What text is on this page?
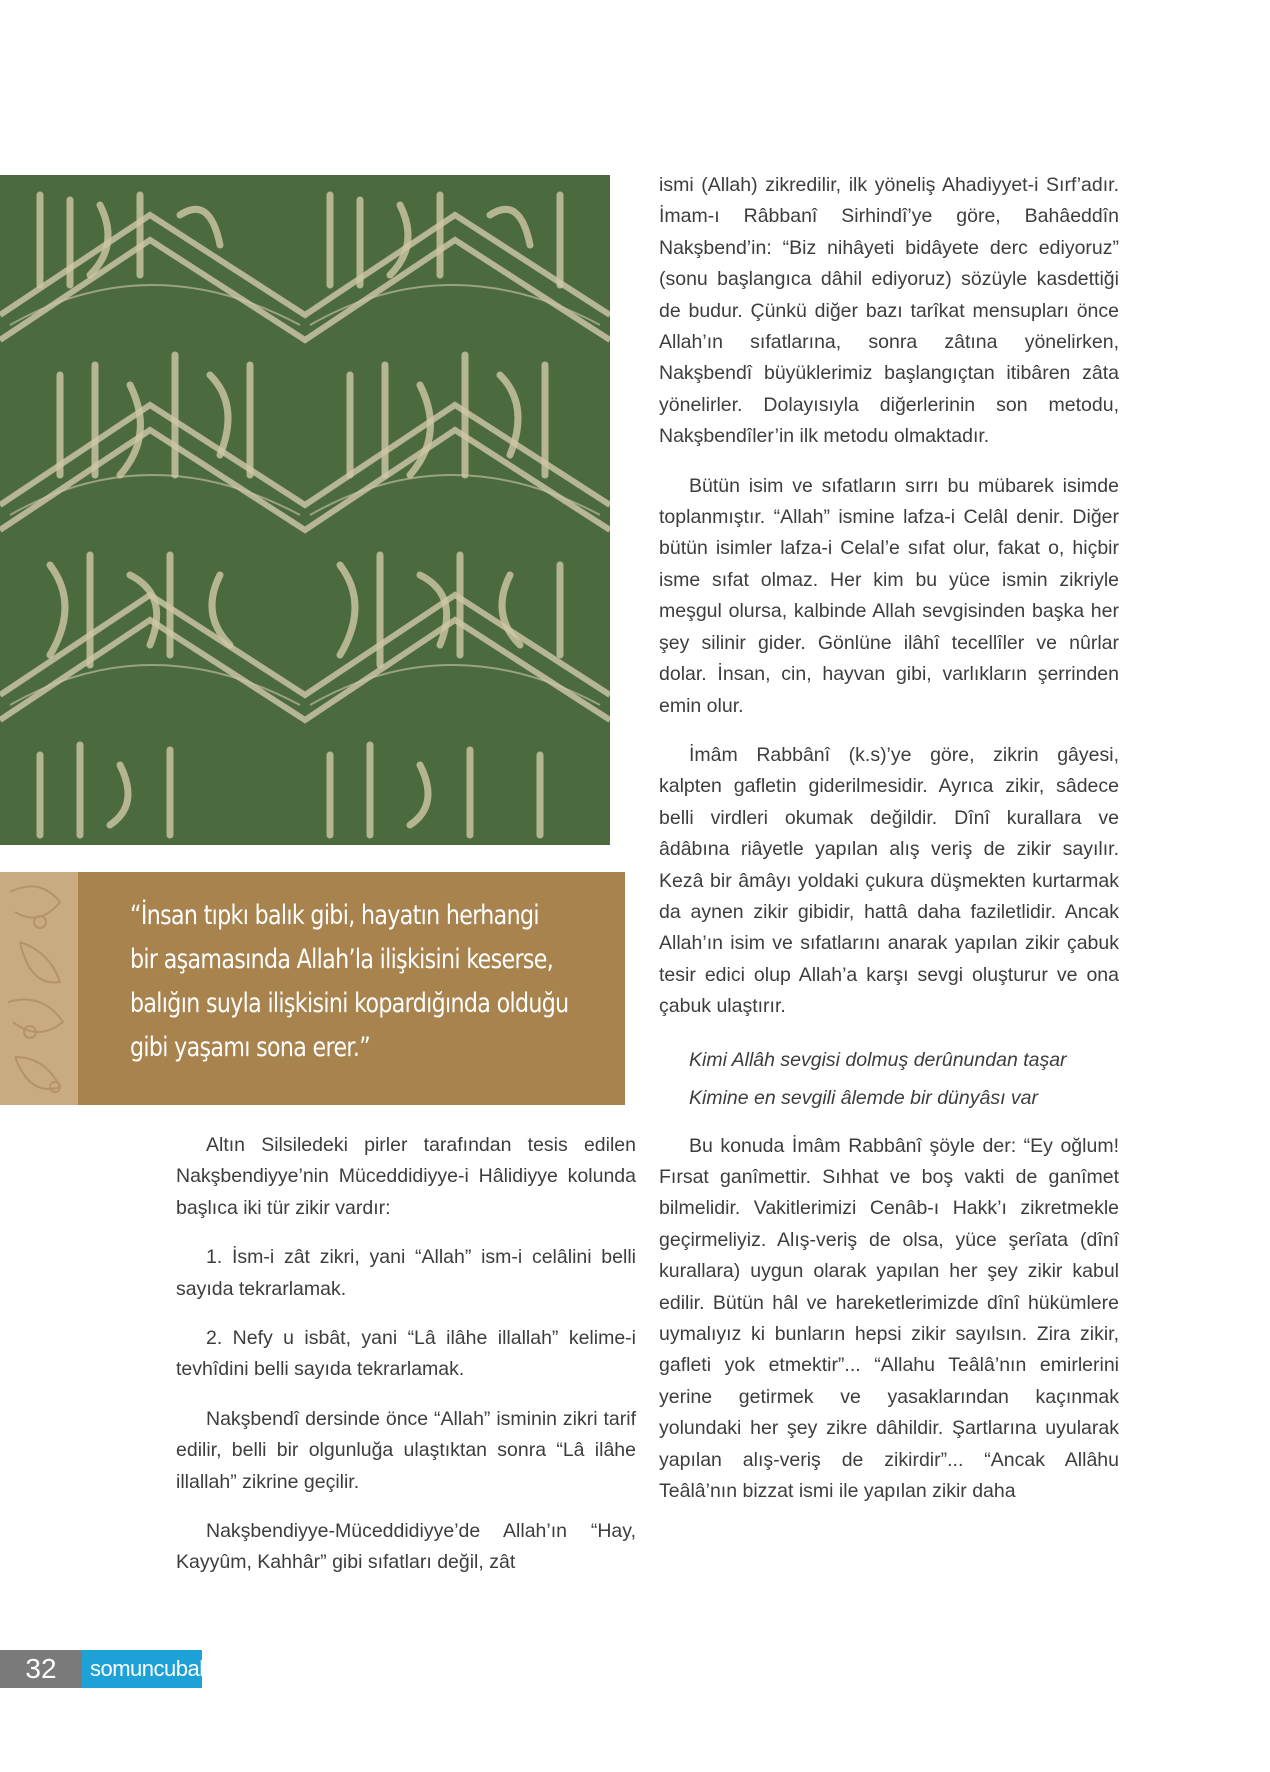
“İnsan tıpkı balık gibi, hayatın herhangi
bir aşamasında Allah’la ilişkisini keserse,
balığın suyla ilişkisini kopardığında olduğu
gibi yaşamı sona erer.”

Altın Silsiledeki pirler tarafından tesis edilen Nakşbendiyye’nin Müceddidiyye-i Hâlidiyye kolunda başlıca iki tür zikir vardır:

1. İsm-i zât zikri, yani “Allah” ism-i celâlini belli sayıda tekrarlamak.

2. Nefy u isbât, yani “Lâ ilâhe illallah” kelime-i tevhîdini belli sayıda tekrarlamak.

Nakşbendî dersinde önce “Allah” isminin zikri tarif edilir, belli bir olgunluğa ulaştıktan sonra “Lâ ilâhe illallah” zikrine geçilir.

Nakşbendiyye-Müceddidiyye’de Allah’ın “Hay, Kayyûm, Kahhâr” gibi sıfatları değil, zât

ismi (Allah) zikredilir, ilk yöneliş Ahadiyyet-i Sırf’adır. İmam-ı Râbbanî Sirhindî’ye göre, Bahâeddîn Nakşbend’in: “Biz nihâyeti bidâyete derc ediyoruz” (sonu başlangıca dâhil ediyoruz) sözüyle kasdettiği de budur. Çünkü diğer bazı tarîkat mensupları önce Allah’ın sıfatlarına, sonra zâtına yönelirken, Nakşbendî büyüklerimiz başlangıçtan itibâren zâta yönelirler. Dolayısıyla diğerlerinin son metodu, Nakşbendîler’in ilk metodu olmaktadır.

Bütün isim ve sıfatların sırrı bu mübarek isimde toplanmıştır. “Allah” ismine lafza-i Celâl denir. Diğer bütün isimler lafza-i Celal’e sıfat olur, fakat o, hiçbir isme sıfat olmaz. Her kim bu yüce ismin zikriyle meşgul olursa, kalbinde Allah sevgisinden başka her şey silinir gider. Gönlüne ilâhî tecellîler ve nûrlar dolar. İnsan, cin, hayvan gibi, varlıkların şerrinden emin olur.

İmâm Rabbânî (k.s)’ye göre, zikrin gâyesi, kalpten gafletin giderilmesidir. Ayrıca zikir, sâdece belli virdleri okumak değildir. Dînî kurallara ve âdâbına riâyetle yapılan alış veriş de zikir sayılır. Kezâ bir âmâyı yoldaki çukura düşmekten kurtarmak da aynen zikir gibidir, hattâ daha faziletlidir. Ancak Allah’ın isim ve sıfatlarını anarak yapılan zikir çabuk tesir edici olup Allah’a karşı sevgi oluşturur ve ona çabuk ulaştırır.

Kimi Allâh sevgisi dolmuş derûnundan taşar
Kimine en sevgili âlemde bir dünyâsı var

Bu konuda İmâm Rabbânî şöyle der: “Ey oğlum! Fırsat ganîmettir. Sıhhat ve boş vakti de ganîmet bilmelidir. Vakitlerimizi Cenâb-ı Hakk’ı zikretmekle geçirmeliyiz. Alış-veriş de olsa, yüce şerîata (dînî kurallara) uygun olarak yapılan her şey zikir kabul edilir. Bütün hâl ve hareketlerimizde dînî hükümlere uymalıyız ki bunların hepsi zikir sayılsın. Zira zikir, gafleti yok etmektir”... “Allahu Teâlâ’nın emirlerini yerine getirmek ve yasaklarından kaçınmak yolundaki her şey zikre dâhildir. Şartlarına uyularak yapılan alış-veriş de zikirdir”... “Ancak Allâhu Teâlâ’nın bizzat ismi ile yapılan zikir daha

32	somuncubaba
